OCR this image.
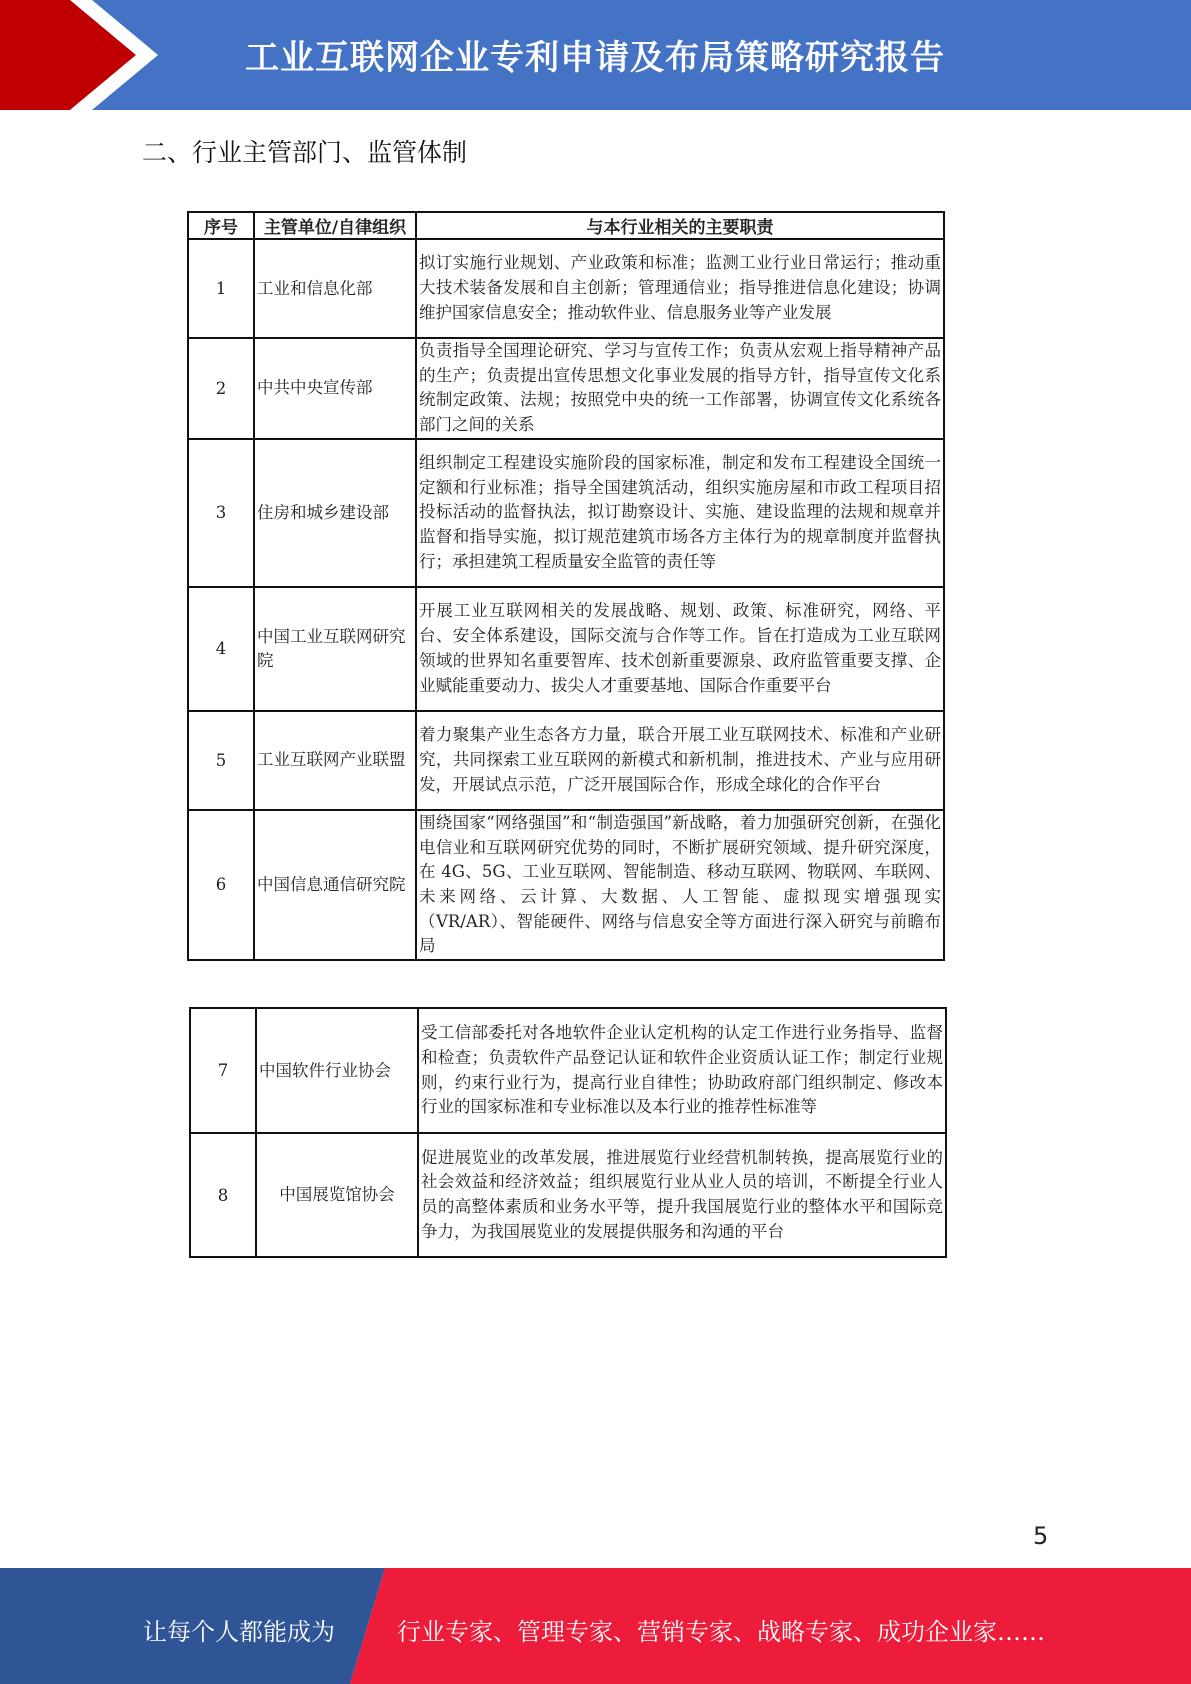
工业互联网企业专利申请及布局策略研究报告
二、行业主管部门、监管体制
序号	主管单位/自律组织	与本行业相关的主要职责
1	工业和信息化部	拟订实施行业规划、产业政策和标准；监测工业行业日常运行；推动重大技术装备发展和自主创新；管理通信业；指导推进信息化建设；协调维护国家信息安全；推动软件业、信息服务业等产业发展
2	中共中央宣传部	负责指导全国理论研究、学习与宣传工作；负责从宏观上指导精神产品的生产；负责提出宣传思想文化事业发展的指导方针，指导宣传文化系统制定政策、法规；按照党中央的统一工作部署，协调宣传文化系统各部门之间的关系
3	住房和城乡建设部	组织制定工程建设实施阶段的国家标准，制定和发布工程建设全国统一定额和行业标准；指导全国建筑活动，组织实施房屋和市政工程项目招投标活动的监督执法，拟订勘察设计、实施、建设监理的法规和规章并监督和指导实施，拟订规范建筑市场各方主体行为的规章制度并监督执行；承担建筑工程质量安全监管的责任等
4	中国工业互联网研究院	开展工业互联网相关的发展战略、规划、政策、标准研究，网络、平台、安全体系建设，国际交流与合作等工作。旨在打造成为工业互联网领域的世界知名重要智库、技术创新重要源泉、政府监管重要支撑、企业赋能重要动力、拔尖人才重要基地、国际合作重要平台
5	工业互联网产业联盟	着力聚集产业生态各方力量，联合开展工业互联网技术、标准和产业研究，共同探索工业互联网的新模式和新机制，推进技术、产业与应用研发，开展试点示范，广泛开展国际合作，形成全球化的合作平台
6	中国信息通信研究院	围绕国家“网络强国”和“制造强国”新战略，着力加强研究创新，在强化电信业和互联网研究优势的同时，不断扩展研究领域、提升研究深度，在 4G、5G、工业互联网、智能制造、移动互联网、物联网、车联网、未来网络、云计算、大数据、人工智能、虚拟现实增强现实（VR/AR）、智能硬件、网络与信息安全等方面进行深入研究与前瞻布局
7	中国软件行业协会	受工信部委托对各地软件企业认定机构的认定工作进行业务指导、监督和检查；负责软件产品登记认证和软件企业资质认证工作；制定行业规则，约束行业行为，提高行业自律性；协助政府部门组织制定、修改本行业的国家标准和专业标准以及本行业的推荐性标准等
8	中国展览馆协会	促进展览业的改革发展，推进展览行业经营机制转换，提高展览行业的社会效益和经济效益；组织展览行业从业人员的培训，不断提全行业人员的高整体素质和业务水平等，提升我国展览行业的整体水平和国际竞争力，为我国展览业的发展提供服务和沟通的平台
5
让每个人都能成为	行业专家、管理专家、营销专家、战略专家、成功企业家……
